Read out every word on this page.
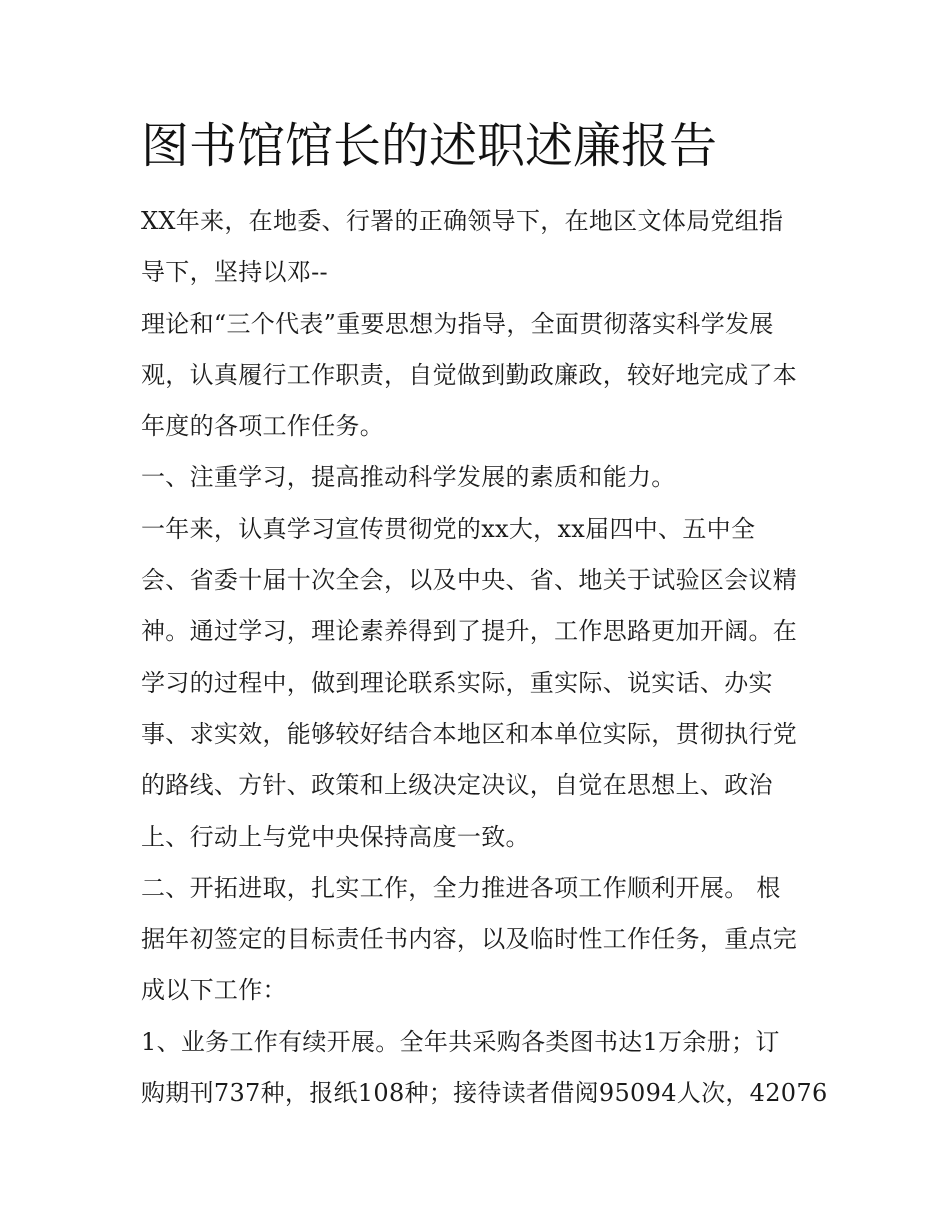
图书馆馆长的述职述廉报告
XX年来，在地委、行署的正确领导下，在地区文体局党组指
导下，坚持以邓--
理论和“三个代表”重要思想为指导，全面贯彻落实科学发展
观，认真履行工作职责，自觉做到勤政廉政，较好地完成了本
年度的各项工作任务。
一、注重学习，提高推动科学发展的素质和能力。
一年来，认真学习宣传贯彻党的xx大，xx届四中、五中全
会、省委十届十次全会，以及中央、省、地关于试验区会议精
神。通过学习，理论素养得到了提升，工作思路更加开阔。在
学习的过程中，做到理论联系实际，重实际、说实话、办实
事、求实效，能够较好结合本地区和本单位实际，贯彻执行党
的路线、方针、政策和上级决定决议，自觉在思想上、政治
上、行动上与党中央保持高度一致。
二、开拓进取，扎实工作，全力推进各项工作顺利开展。 根
据年初签定的目标责任书内容，以及临时性工作任务，重点完
成以下工作：
1、业务工作有续开展。全年共采购各类图书达1万余册；订
购期刊737种，报纸108种；接待读者借阅95094人次，42076
